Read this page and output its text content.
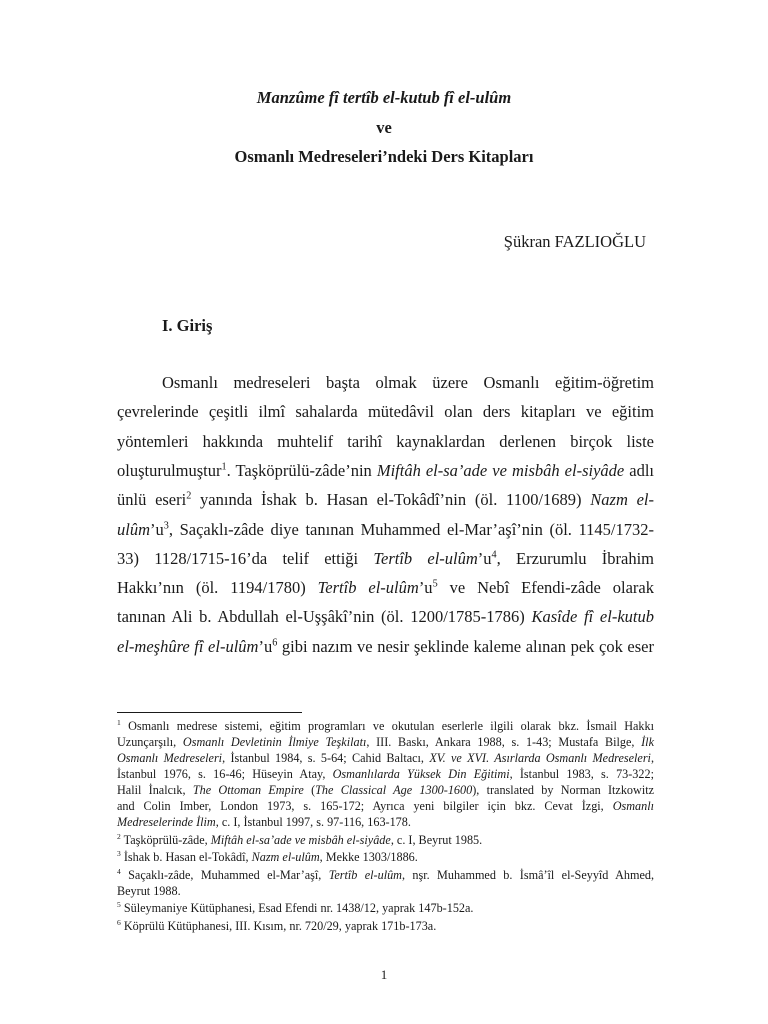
Manzûme fî tertîb el-kutub fî el-ulûm
ve
Osmanlı Medreseleri’ndeki Ders Kitapları
Şükran FAZLIOĞLU
I. Giriş
Osmanlı medreseleri başta olmak üzere Osmanlı eğitim-öğretim
çevrelerinde çeşitli ilmî sahalarda mütedâvil olan ders kitapları ve eğitim
yöntemleri hakkında muhtelif tarihî kaynaklardan derlenen birçok liste
oluşturulmuştur$^1$. Taşköprülü-zâde’nin Miftâh el-sa’ade ve misbâh el-siyâde adlı
ünlü eseri$^2$ yanında İshak b. Hasan el-Tokâdî’nin (öl. 1100/1689) Nazm el-
$ulûm’u^3$, Saçaklı-zâde diye tanınan Muhammed el-Mar’aşî’nin (öl. 1145/1732-
33) 1128/1715-16’da telif ettiği Tertîb $el-ulûm’u^4$, Erzurumlu İbrahim
Hakkı’nın (öl. 1194/1780) Tertîb $el-ulûm’u^5$ ve Nebî Efendi-zâde olarak
tanınan Ali b. Abdullah el-Uşşâkî’nin (öl. 1200/1785-1786) Kasîde fî el-kutub
el-meşhûre fî $el-ulûm’u^6$ gibi nazım ve nesir şeklinde kaleme alınan pek çok eser
$^1$ Osmanlı medrese sistemi, eğitim programları ve okutulan eserlerle ilgili olarak bkz. İsmail Hakkı
Uzunçarşılı, Osmanlı Devletinin İlmiye Teşkilatı, III. Baskı, Ankara 1988, s. 1-43; Mustafa Bilge, İlk
Osmanlı Medreseleri, İstanbul 1984, s. 5-64; Cahid Baltacı, XV. ve XVI. Asırlarda Osmanlı Medreseleri,
İstanbul 1976, s. 16-46; Hüseyin Atay, Osmanlılarda Yüksek Din Eğitimi, İstanbul 1983, s. 73-322;
Halil İnalcık, The Ottoman Empire (The Classical Age 1300-1600), translated by Norman Itzkowitz
and Colin Imber, London 1973, s. 165-172; Ayrıca yeni bilgiler için bkz. Cevat İzgi, Osmanlı
Medreselerinde İlim, c. I, İstanbul 1997, s. 97-116, 163-178.
$^2$ Taşköprülü-zâde, Miftâh el-sa’ade ve misbâh el-siyâde, c. I, Beyrut 1985.
$^3$ İshak b. Hasan el-Tokâdî, Nazm el-ulûm, Mekke 1303/1886.
$^4$ Saçaklı-zâde, Muhammed el-Mar’aşî, Tertîb el-ulûm, nşr. Muhammed b. İsmâ’îl el-Seyyîd Ahmed,
Beyrut 1988.
$^5$ Süleymaniye Kütüphanesi, Esad Efendi nr. 1438/12, yaprak 147b-152a.
$^6$ Köprülü Kütüphanesi, III. Kısım, nr. 720/29, yaprak 171b-173a.
1
